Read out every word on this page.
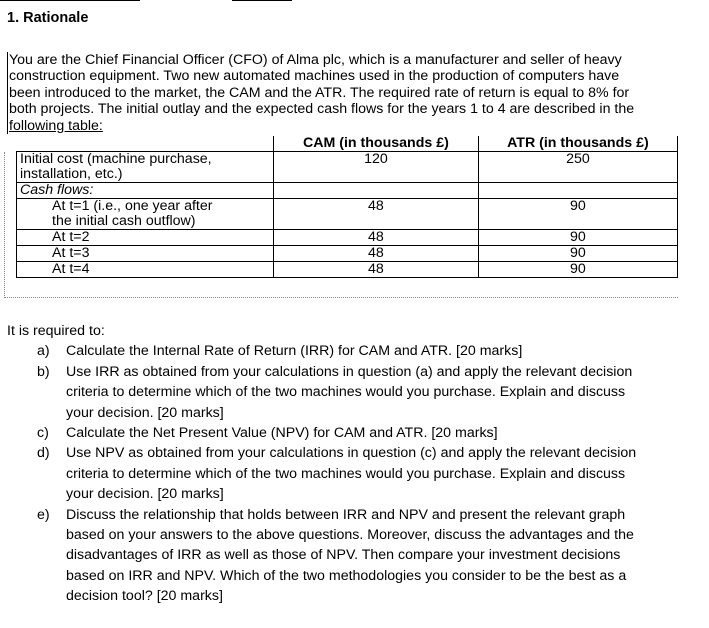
1. Rationale
You are the Chief Financial Officer (CFO) of Alma plc, which is a manufacturer and seller of heavy
construction equipment. Two new automated machines used in the production of computers have
been introduced to the market, the CAM and the ATR. The required rate of return is equal to 8% for
both projects. The initial outlay and the expected cash flows for the years 1 to 4 are described in the
following table:
	CAM (in thousands £)	ATR (in thousands £)

Initial cost (machine purchase,
installation, etc.)	120	250
Cash flows:		

At t=1 (i.e., one year after
the initial cash outflow)	48	90
At t=2	48	90
At t=3	48	90
At t=4	48	90
It is required to:
a) Calculate the Internal Rate of Return (IRR) for CAM and ATR. [20 marks]
b) Use IRR as obtained from your calculations in question (a) and apply the relevant decision
criteria to determine which of the two machines would you purchase. Explain and discuss
your decision. [20 marks]
c) Calculate the Net Present Value (NPV) for CAM and ATR. [20 marks]
d) Use NPV as obtained from your calculations in question (c) and apply the relevant decision
criteria to determine which of the two machines would you purchase. Explain and discuss
your decision. [20 marks]
e) Discuss the relationship that holds between IRR and NPV and present the relevant graph
based on your answers to the above questions. Moreover, discuss the advantages and the
disadvantages of IRR as well as those of NPV. Then compare your investment decisions
based on IRR and NPV. Which of the two methodologies you consider to be the best as a
decision tool? [20 marks]
